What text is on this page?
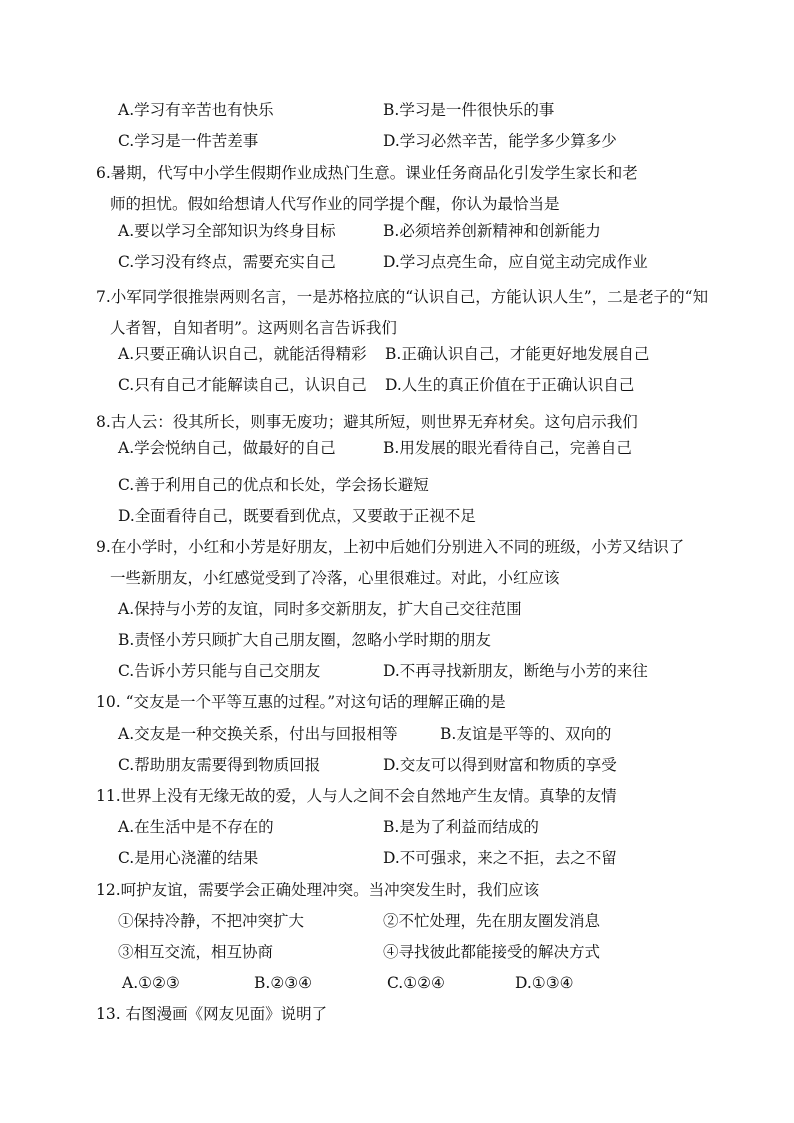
A.学习有辛苦也有快乐	B.学习是一件很快乐的事
C.学习是一件苦差事	D.学习必然辛苦，能学多少算多少
6.暑期，代写中小学生假期作业成热门生意。课业任务商品化引发学生家长和老
师的担忧。假如给想请人代写作业的同学提个醒，你认为最恰当是
A.要以学习全部知识为终身目标	B.必须培养创新精神和创新能力
C.学习没有终点，需要充实自己	D.学习点亮生命，应自觉主动完成作业
7.小军同学很推崇两则名言，一是苏格拉底的“认识自己，方能认识人生”，二是老子的“知
人者智，自知者明”。这两则名言告诉我们
A.只要正确认识自己，就能活得精彩 B.正确认识自己，才能更好地发展自己
C.只有自己才能解读自己，认识自己 D.人生的真正价值在于正确认识自己
8.古人云：役其所长，则事无废功；避其所短，则世界无弃材矣。这句启示我们
A.学会悦纳自己，做最好的自己	B.用发展的眼光看待自己，完善自己
C.善于利用自己的优点和长处，学会扬长避短
D.全面看待自己，既要看到优点，又要敢于正视不足
9.在小学时，小红和小芳是好朋友，上初中后她们分别进入不同的班级，小芳又结识了
一些新朋友，小红感觉受到了冷落，心里很难过。对此，小红应该
A.保持与小芳的友谊，同时多交新朋友，扩大自己交往范围
B.责怪小芳只顾扩大自己朋友圈，忽略小学时期的朋友
C.告诉小芳只能与自己交朋友	D.不再寻找新朋友，断绝与小芳的来往
10. “交友是一个平等互惠的过程。”对这句话的理解正确的是
A.交友是一种交换关系，付出与回报相等	B.友谊是平等的、双向的
C.帮助朋友需要得到物质回报	D.交友可以得到财富和物质的享受
11.世界上没有无缘无故的爱，人与人之间不会自然地产生友情。真挚的友情
A.在生活中是不存在的	B.是为了利益而结成的
C.是用心浇灌的结果	D.不可强求，来之不拒，去之不留
12.呵护友谊，需要学会正确处理冲突。当冲突发生时，我们应该
①保持冷静，不把冲突扩大	②不忙处理，先在朋友圈发消息
③相互交流，相互协商	④寻找彼此都能接受的解决方式
A.①②③	B.②③④	C.①②④	D.①③④
13. 右图漫画《网友见面》说明了
